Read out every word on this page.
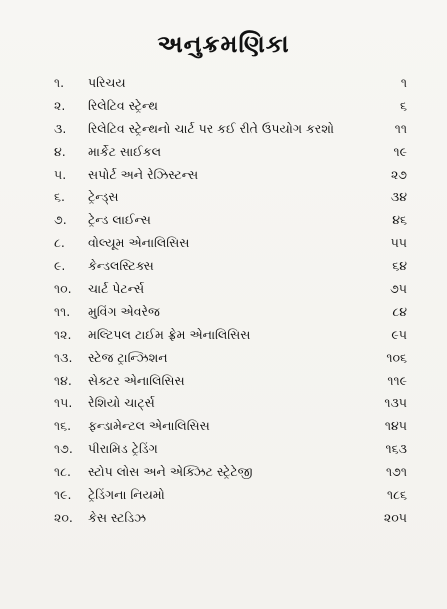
અનુક્રમણિકા
૧.	પરિચય	૧
૨.	રિલેટિવ સ્ટ્રેન્થ	૬
૩.	રિલેટિવ સ્ટ્રેન્થનો ચાર્ટ પર કઈ રીતે ઉપયોગ કરશો	૧૧
૪.	માર્કેટ સાઈકલ	૧૯
૫.	સપોર્ટ અને રેઝિસ્ટન્સ	૨૭
૬.	ટ્રેન્ડ્સ	૩૪
૭.	ટ્રેન્ડ લાઈન્સ	૪૬
૮.	વોલ્યૂમ એનાલિસિસ	૫૫
૯.	કેન્ડલસ્ટિક્સ	૬૪
૧૦.	ચાર્ટ પેટર્ન્સ	૭૫
૧૧.	મુવિંગ એવરેજ	૮૪
૧૨.	મલ્ટિપલ ટાઈમ ફ્રેમ એનાલિસિસ	૯૫
૧૩.	સ્ટેજ ટ્રાન્ઝિશન	૧૦૬
૧૪.	સેક્ટર એનાલિસિસ	૧૧૯
૧૫.	રેશિયો ચાર્ટ્સ	૧૩૫
૧૬.	ફન્ડામેન્ટલ એનાલિસિસ	૧૪૫
૧૭.	પીરામિડ ટ્રેડિંગ	૧૬૩
૧૮.	સ્ટોપ લોસ અને એક્ઝિટ સ્ટ્રેટેજી	૧૭૧
૧૯.	ટ્રેડિંગના નિયમો	૧૮૬
૨૦.	કેસ સ્ટડિઝ	૨૦૫
